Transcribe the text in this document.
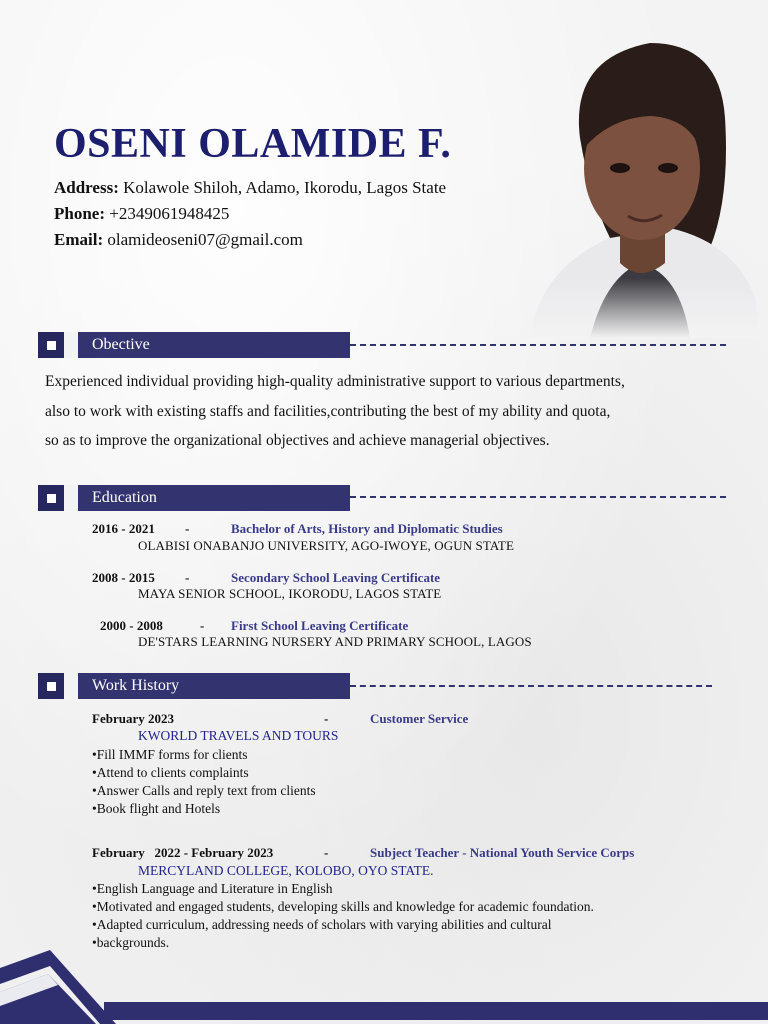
OSENI OLAMIDE F.
Address: Kolawole Shiloh, Adamo, Ikorodu, Lagos State
Phone: +2349061948425
Email: olamideoseni07@gmail.com
Obective
Experienced individual providing high-quality administrative support to various departments,
also to work with existing staffs and facilities,contributing the best of my ability and quota,
so as to improve the organizational objectives and achieve managerial objectives.
Education
2016 - 2021 -	Bachelor of Arts, History and Diplomatic Studies
OLABISI ONABANJO UNIVERSITY, AGO-IWOYE, OGUN STATE
2008 - 2015 -	Secondary School Leaving Certificate
MAYA SENIOR SCHOOL, IKORODU, LAGOS STATE
2000 - 2008	- First School Leaving Certificate
DE'STARS LEARNING NURSERY AND PRIMARY SCHOOL, LAGOS
Work History
February 2023	-	Customer Service
KWORLD TRAVELS AND TOURS
•Fill IMMF forms for clients
•Attend to clients complaints
•Answer Calls and reply text from clients
•Book flight and Hotels
February   2022 - February 2023	-	Subject Teacher - National Youth Service Corps
MERCYLAND COLLEGE, KOLOBO, OYO STATE.
•English Language and Literature in English
•Motivated and engaged students, developing skills and knowledge for academic foundation.
•Adapted curriculum, addressing needs of scholars with varying abilities and cultural
•backgrounds.
